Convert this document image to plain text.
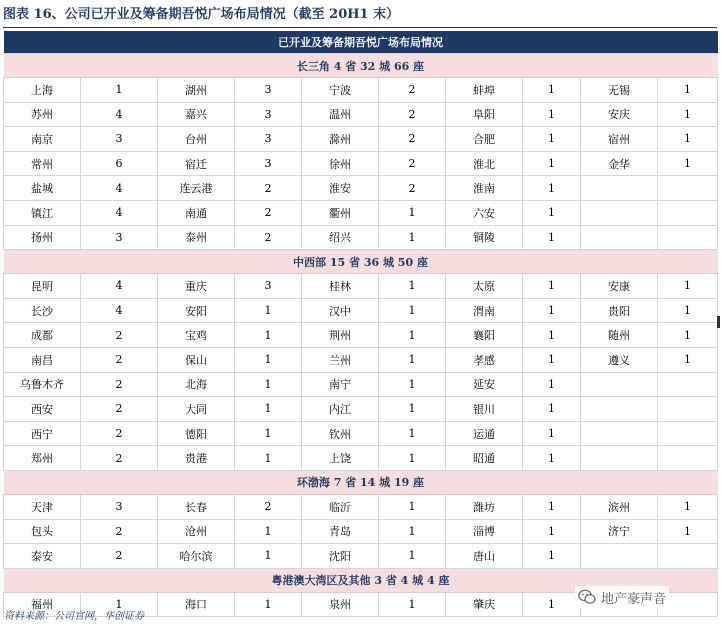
图表 16、公司已开业及筹备期吾悦广场布局情况（截至 20H1 末）
已开业及筹备期吾悦广场布局情况									
长三角 4 省 32 城 66 座									
上海	1	湖州	3	宁波	2	蚌埠	1	无锡	1
苏州	4	嘉兴	3	温州	2	阜阳	1	安庆	1
南京	3	台州	3	滁州	2	合肥	1	宿州	1
常州	6	宿迁	3	徐州	2	淮北	1	金华	1
盐城	4	连云港	2	淮安	2	淮南	1		
镇江	4	南通	2	衢州	1	六安	1		
扬州	3	泰州	2	绍兴	1	铜陵	1		
中西部 15 省 36 城 50 座									
昆明	4	重庆	3	桂林	1	太原	1	安康	1
长沙	4	安阳	1	汉中	1	渭南	1	贵阳	1
成都	2	宝鸡	1	荆州	1	襄阳	1	随州	1
南昌	2	保山	1	兰州	1	孝感	1	遵义	1
乌鲁木齐	2	北海	1	南宁	1	延安	1		
西安	2	大同	1	内江	1	银川	1		
西宁	2	德阳	1	钦州	1	运通	1		
郑州	2	贵港	1	上饶	1	昭通	1		
环渤海 7 省 14 城 19 座									
天津	3	长春	2	临沂	1	潍坊	1	滨州	1
包头	2	沧州	1	青岛	1	淄博	1	济宁	1
泰安	2	哈尔滨	1	沈阳	1	唐山	1		
粤港澳大湾区及其他 3 省 4 城 4 座									
福州	1	海口	1	泉州	1	肇庆	1		
资料来源：公司官网，华创证券
地产豪声音
